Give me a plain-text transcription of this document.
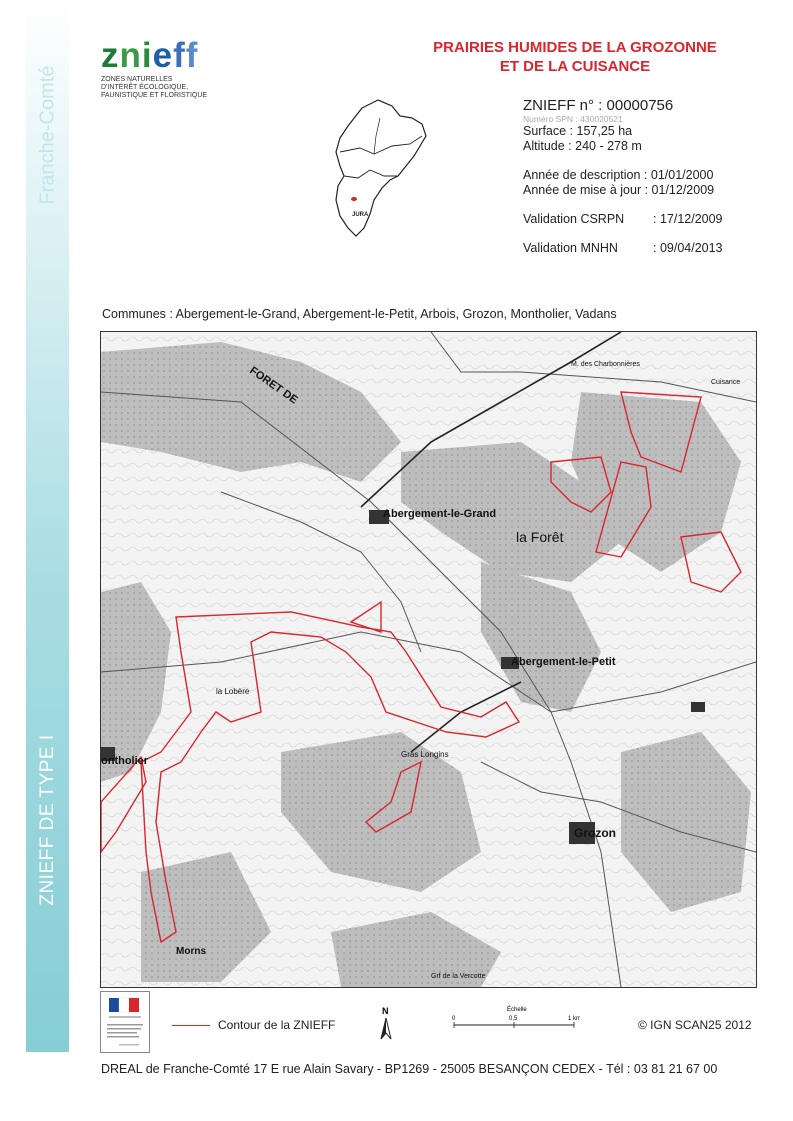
Franche-Comté
ZNIEFF DE TYPE I
znieff
ZONES NATURELLES
D'INTÉRÊT ÉCOLOGIQUE,
FAUNISTIQUE ET FLORISTIQUE
PRAIRIES HUMIDES DE LA GROZONNE
ET DE LA CUISANCE
JURA
ZNIEFF n° : 00000756
Numéro SPN : 430020521
Surface : 157,25 ha
Altitude : 240 - 278 m
Année de description : 01/01/2000
Année de mise à jour : 01/12/2009
Validation CSRPN : 17/12/2009
Validation MNHN	: 09/04/2013
Communes : Abergement-le-Grand, Abergement-le-Petit, Arbois, Grozon, Montholier, Vadans
Abergement-le-Grand
Abergement-le-Petit
Grozon
la Forêt
FORET DE
ontholier
M. des Charbonnières
Morns
la Lobère
Gras Longins
Grf de la Vercotte
Cuisance
Contour de la ZNIEFF
N	Échelle
0	0,5	1 km	© IGN SCAN25 2012
DREAL de Franche-Comté 17 E rue Alain Savary - BP1269 - 25005 BESANÇON CEDEX - Tél : 03 81 21 67 00
